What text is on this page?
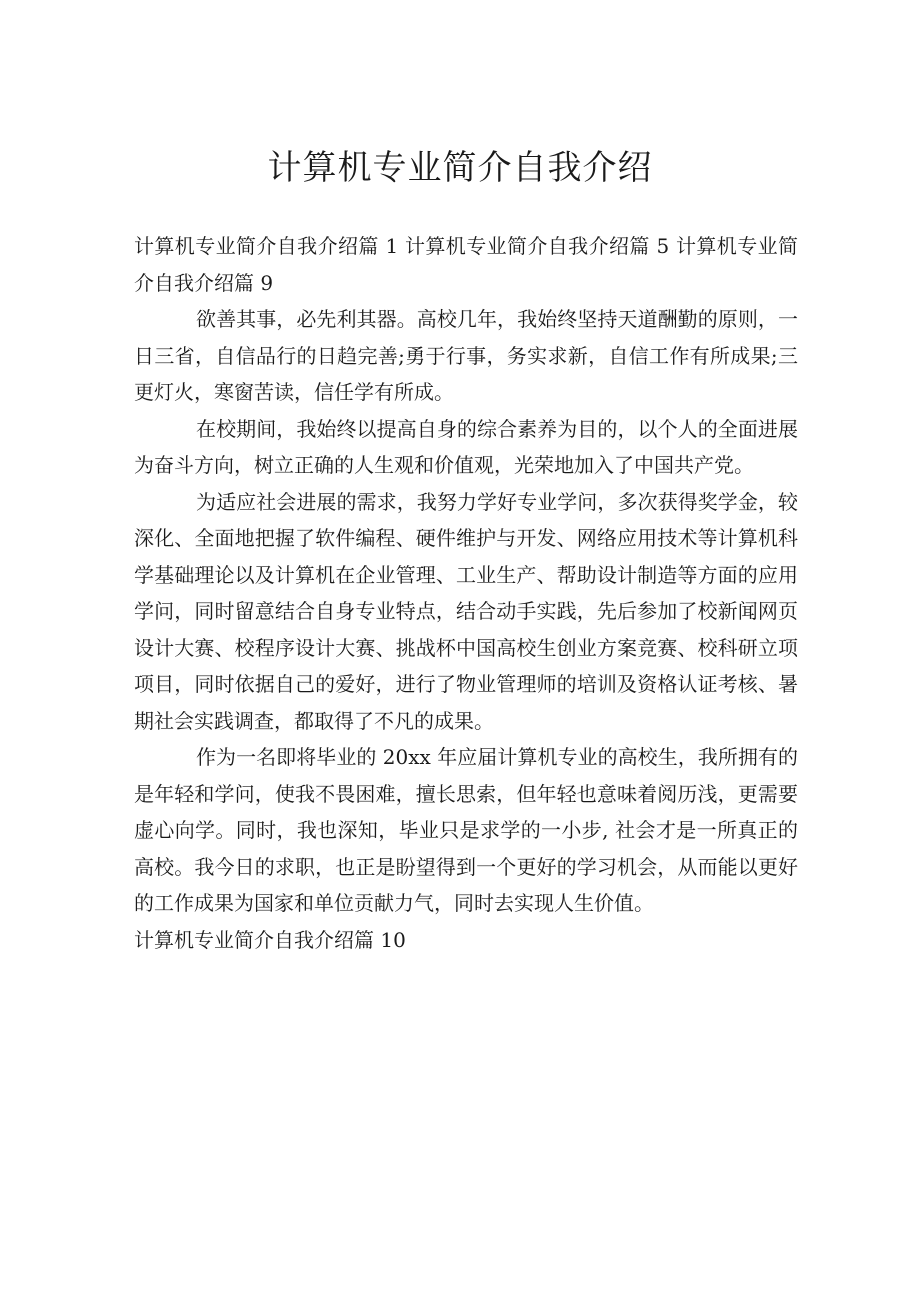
计算机专业简介自我介绍

计算机专业简介自我介绍篇 1 计算机专业简介自我介绍篇 5 计算机专业简介自我介绍篇 9

欲善其事，必先利其器。高校几年，我始终坚持天道酬勤的原则，一日三省，自信品行的日趋完善;勇于行事，务实求新，自信工作有所成果;三更灯火，寒窗苦读，信任学有所成。

在校期间，我始终以提高自身的综合素养为目的，以个人的全面进展为奋斗方向，树立正确的人生观和价值观，光荣地加入了中国共产党。

为适应社会进展的需求，我努力学好专业学问，多次获得奖学金，较深化、全面地把握了软件编程、硬件维护与开发、网络应用技术等计算机科学基础理论以及计算机在企业管理、工业生产、帮助设计制造等方面的应用学问，同时留意结合自身专业特点，结合动手实践，先后参加了校新闻网页设计大赛、校程序设计大赛、挑战杯中国高校生创业方案竞赛、校科研立项项目，同时依据自己的爱好，进行了物业管理师的培训及资格认证考核、暑期社会实践调查，都取得了不凡的成果。

作为一名即将毕业的 20xx 年应届计算机专业的高校生，我所拥有的是年轻和学问，使我不畏困难，擅长思索，但年轻也意味着阅历浅，更需要虚心向学。同时，我也深知，毕业只是求学的一小步, 社会才是一所真正的高校。我今日的求职，也正是盼望得到一个更好的学习机会，从而能以更好的工作成果为国家和单位贡献力气，同时去实现人生价值。

计算机专业简介自我介绍篇 10
